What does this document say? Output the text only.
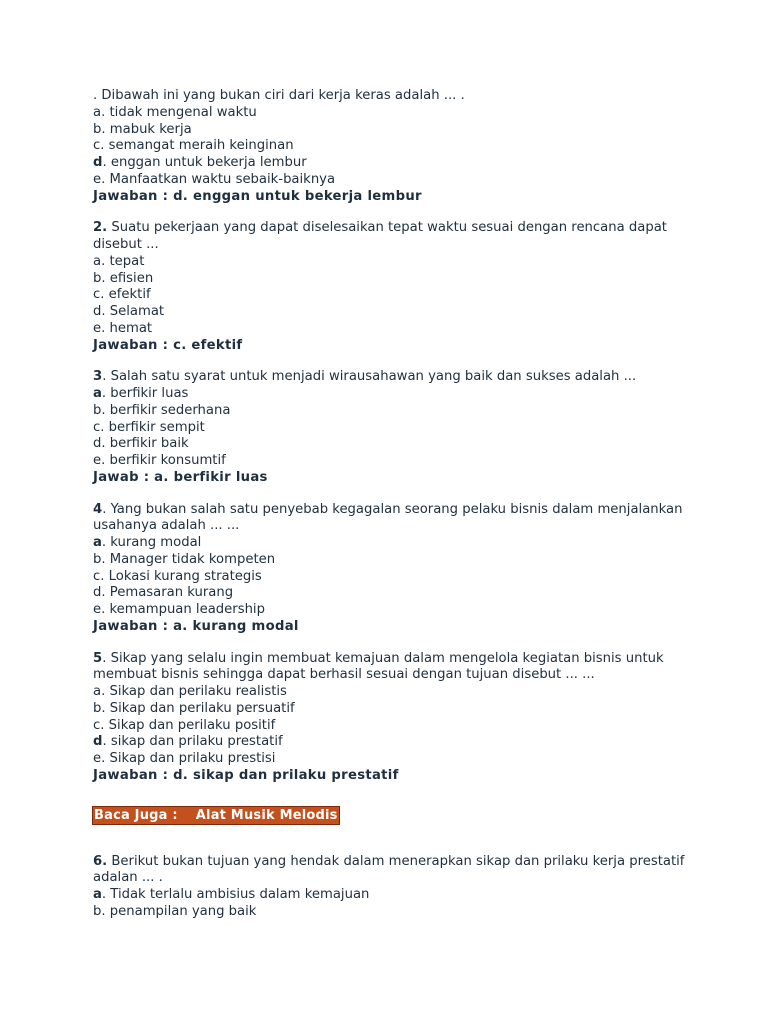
. Dibawah ini yang bukan ciri dari kerja keras adalah ... .
a. tidak mengenal waktu
b. mabuk kerja
c. semangat meraih keinginan
d. enggan untuk bekerja lembur
e. Manfaatkan waktu sebaik-baiknya
Jawaban : d. enggan untuk bekerja lembur
2. Suatu pekerjaan yang dapat diselesaikan tepat waktu sesuai dengan rencana dapat disebut ...
a. tepat
b. efisien
c. efektif
d. Selamat
e. hemat
Jawaban : c. efektif
3. Salah satu syarat untuk menjadi wirausahawan yang baik dan sukses adalah ...
a. berfikir luas
b. berfikir sederhana
c. berfikir sempit
d. berfikir baik
e. berfikir konsumtif
Jawab : a. berfikir luas
4. Yang bukan salah satu penyebab kegagalan seorang pelaku bisnis dalam menjalankan usahanya adalah ... ...
a. kurang modal
b. Manager tidak kompeten
c. Lokasi kurang strategis
d. Pemasaran kurang
e. kemampuan leadership
Jawaban : a. kurang modal
5. Sikap yang selalu ingin membuat kemajuan dalam mengelola kegiatan bisnis untuk membuat bisnis sehingga dapat berhasil sesuai dengan tujuan disebut ... ...
a. Sikap dan perilaku realistis
b. Sikap dan perilaku persuatif
c. Sikap dan perilaku positif
d. sikap dan prilaku prestatif
e. Sikap dan prilaku prestisi
Jawaban : d. sikap dan prilaku prestatif
Baca Juga : Alat Musik Melodis
6. Berikut bukan tujuan yang hendak dalam menerapkan sikap dan prilaku kerja prestatif adalan ... .
a. Tidak terlalu ambisius dalam kemajuan
b. penampilan yang baik
